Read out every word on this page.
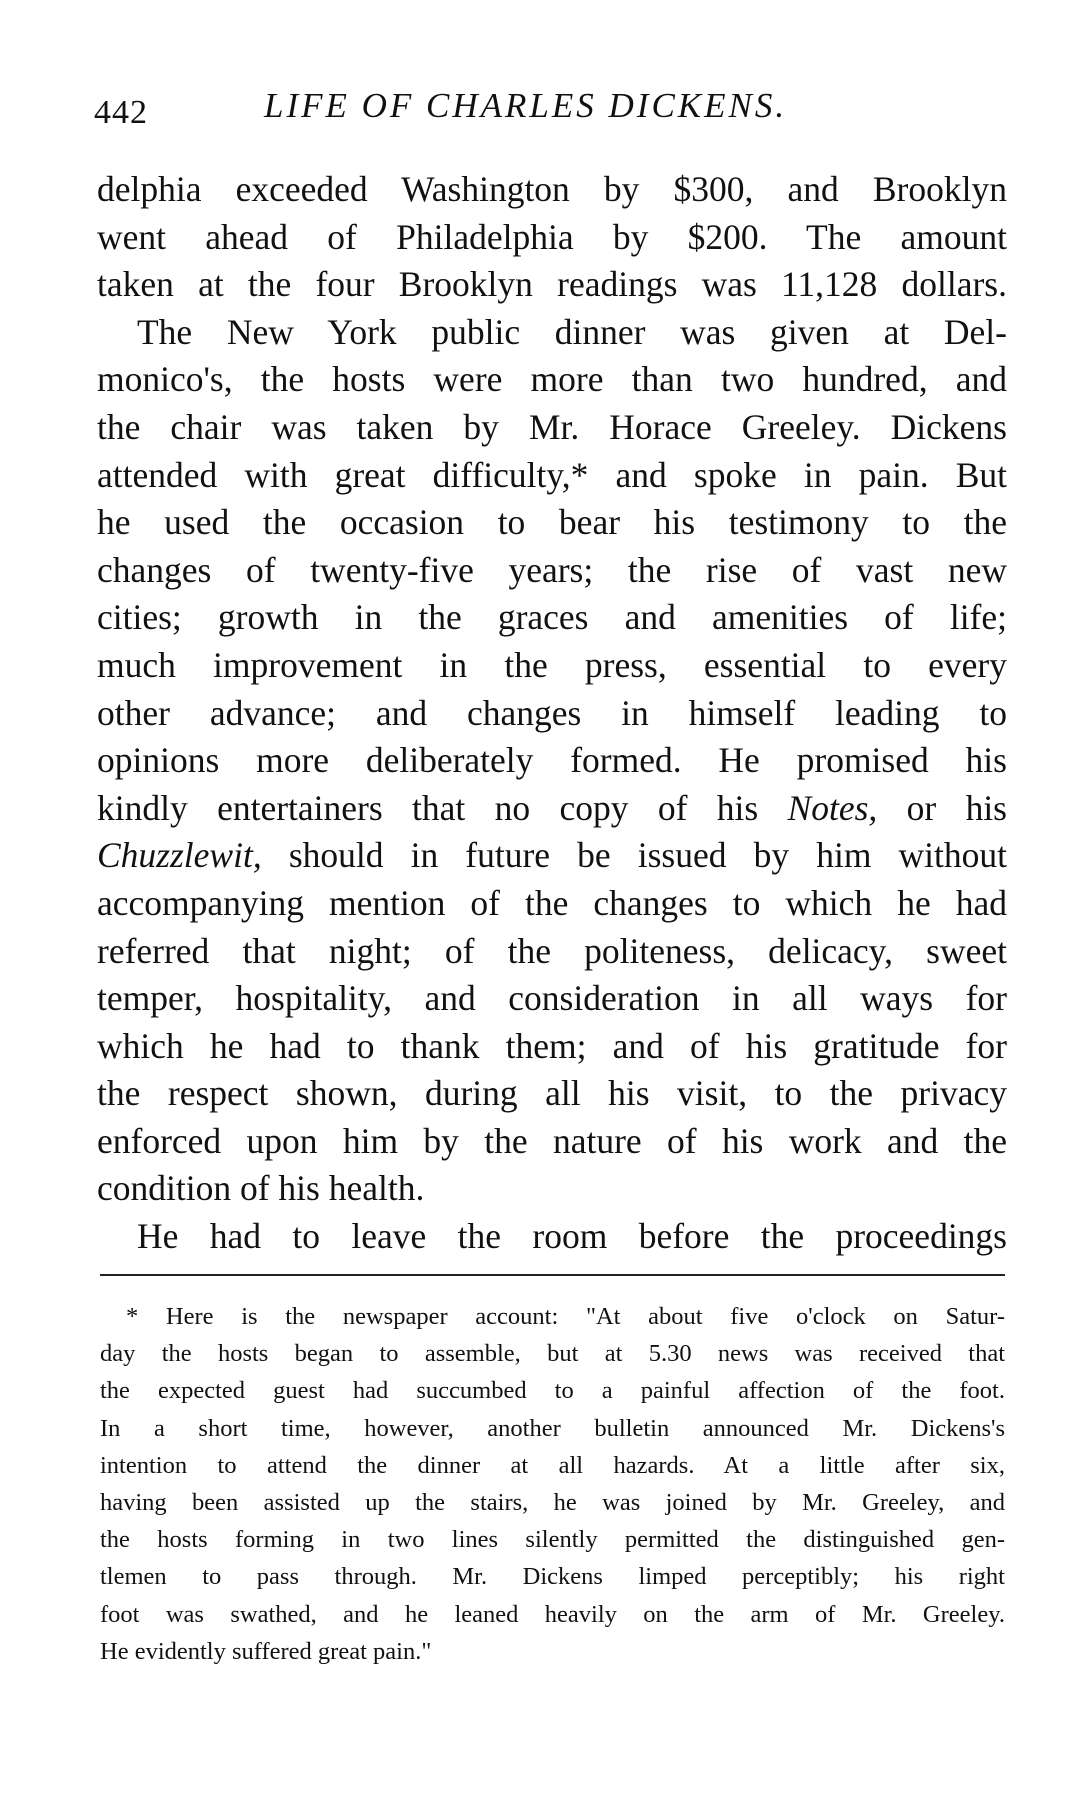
442	LIFE OF CHARLES DICKENS.
delphia exceeded Washington by $300, and Brooklyn
went ahead of Philadelphia by $200. The amount
taken at the four Brooklyn readings was 11,128 dollars.
The New York public dinner was given at Del-
monico's, the hosts were more than two hundred, and
the chair was taken by Mr. Horace Greeley. Dickens
attended with great difficulty,* and spoke in pain. But
he used the occasion to bear his testimony to the
changes of twenty-five years; the rise of vast new
cities; growth in the graces and amenities of life;
much improvement in the press, essential to every
other advance; and changes in himself leading to
opinions more deliberately formed. He promised his
kindly entertainers that no copy of his Notes, or his
Chuzzlewit, should in future be issued by him without
accompanying mention of the changes to which he had
referred that night; of the politeness, delicacy, sweet
temper, hospitality, and consideration in all ways for
which he had to thank them; and of his gratitude for
the respect shown, during all his visit, to the privacy
enforced upon him by the nature of his work and the
condition of his health.
He had to leave the room before the proceedings
* Here is the newspaper account: "At about five o'clock on Satur-
day the hosts began to assemble, but at 5.30 news was received that
the expected guest had succumbed to a painful affection of the foot.
In a short time, however, another bulletin announced Mr. Dickens's
intention to attend the dinner at all hazards. At a little after six,
having been assisted up the stairs, he was joined by Mr. Greeley, and
the hosts forming in two lines silently permitted the distinguished gen-
tlemen to pass through. Mr. Dickens limped perceptibly; his right
foot was swathed, and he leaned heavily on the arm of Mr. Greeley.
He evidently suffered great pain."
